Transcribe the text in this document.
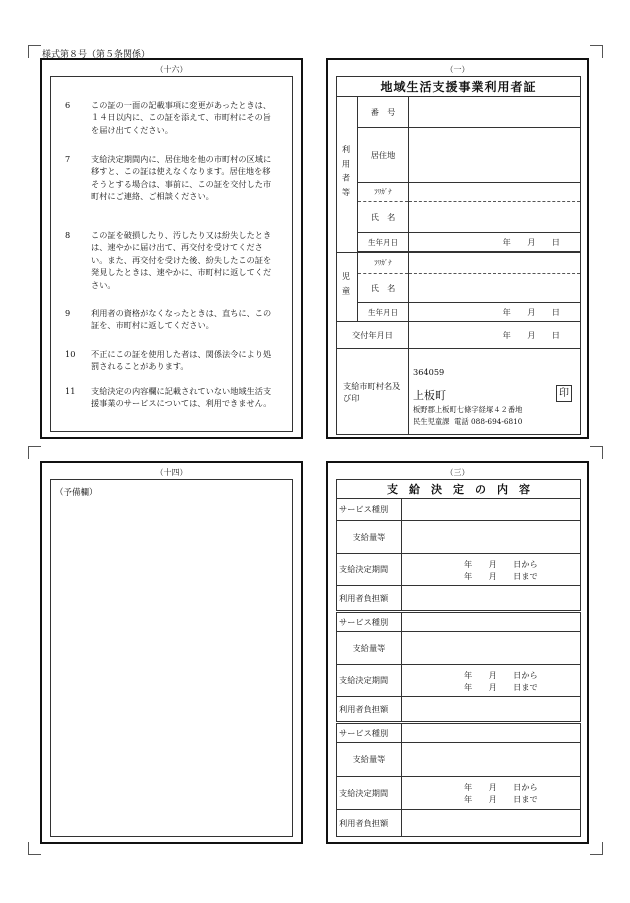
様式第８号（第５条関係）
（十六）
6	この証の一面の記載事項に変更があったときは、１４日以内に、この証を添えて、市町村にその旨を届け出てください。
7	支給決定期間内に、居住地を他の市町村の区域に移すと、この証は使えなくなります。居住地を移そうとする場合は、事前に、この証を交付した市町村にご連絡、ご相談ください。
8	この証を破損したり、汚したり又は紛失したときは、速やかに届け出て、再交付を受けてください。また、再交付を受けた後、紛失したこの証を発見したときは、速やかに、市町村に返してください。
9	利用者の資格がなくなったときは、直ちに、この証を、市町村に返してください。
10	不正にこの証を使用した者は、関係法令により処罰されることがあります。
11	支給決定の内容欄に記載されていない地域生活支援事業のサービスについては、利用できません。
（一）
地域生活支援事業利用者証		
利用者等	番　号	
	居住地	
	ﾌﾘｶﾞﾅ	
	氏　名	
	生年月日	年　　月　　日

児童	ﾌﾘｶﾞﾅ	
	氏　名	
	生年月日	年　　月　　日
交付年月日		年　　月　　日
支給市町村名及び印		364059
上板町 印
板野郡上板町七條字経塚４２番地
民生児童課 電話 088-694-6810
（十四）
（予備欄）
（三）
支　給　決　定　の　内　容	
サービス種別	
支給量等	
支給決定期間	年　　月　　日から
年　　月　　日まで

利用者負担額	
サービス種別	
支給量等	
支給決定期間	年　　月　　日から
年　　月　　日まで

利用者負担額	
サービス種別	
支給量等	
支給決定期間	年　　月　　日から
年　　月　　日まで

利用者負担額	
